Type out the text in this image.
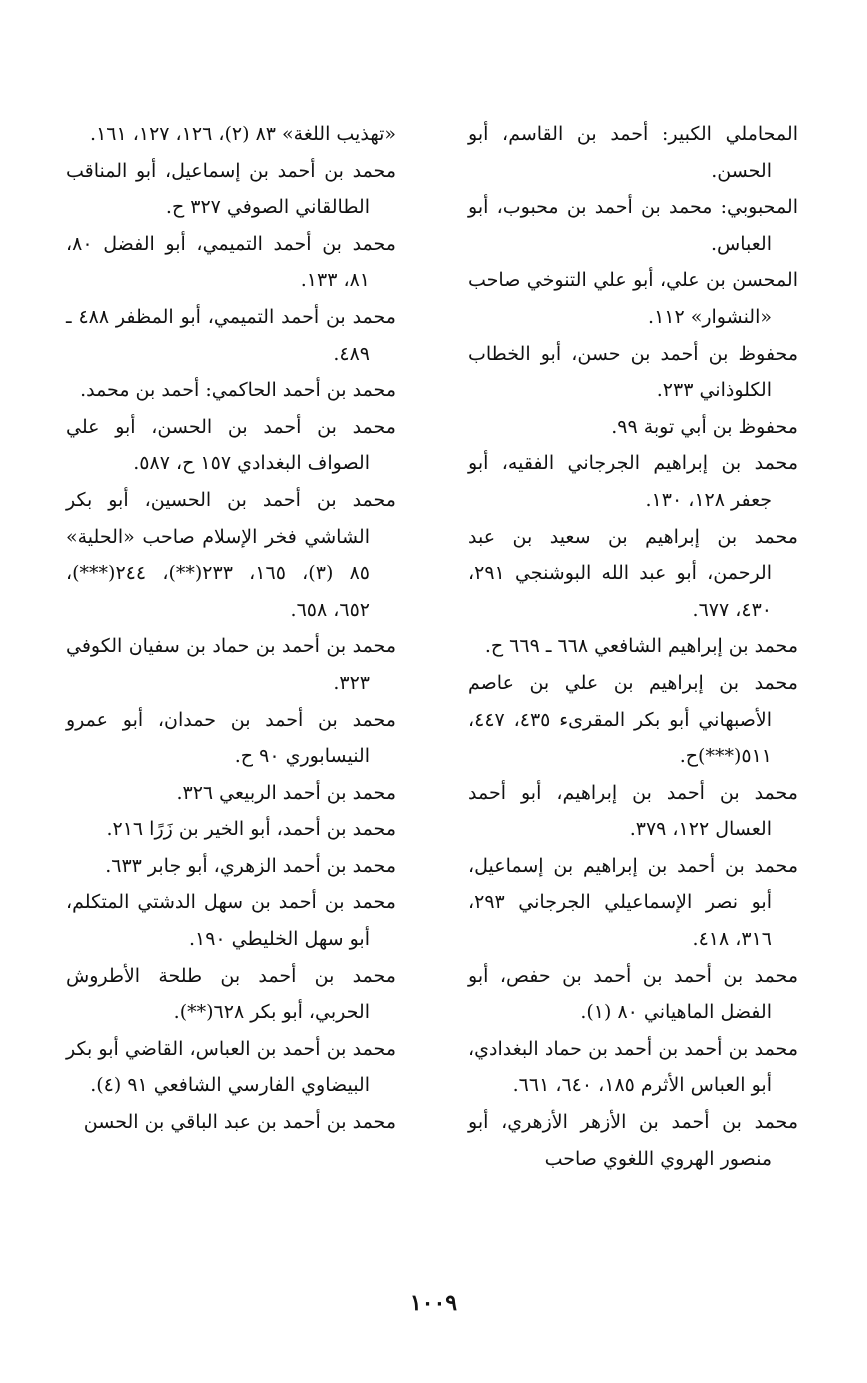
المحاملي الكبير: أحمد بن القاسم، أبو الحسن.

المحبوبي: محمد بن أحمد بن محبوب، أبو العباس.

المحسن بن علي، أبو علي التنوخي صاحب «النشوار» ١١٢.

محفوظ بن أحمد بن حسن، أبو الخطاب الكلوذاني ٢٣٣.

محفوظ بن أبي توبة ٩٩.

محمد بن إبراهيم الجرجاني الفقيه، أبو جعفر ١٢٨، ١٣٠.

محمد بن إبراهيم بن سعيد بن عبد الرحمن، أبو عبد الله البوشنجي ٢٩١، ٤٣٠، ٦٧٧.

محمد بن إبراهيم الشافعي ٦٦٨ ـ ٦٦٩ ح.

محمد بن إبراهيم بن علي بن عاصم الأصبهاني أبو بكر المقرىء ٤٣٥، ٤٤٧، ٥١١(***)ح.

محمد بن أحمد بن إبراهيم، أبو أحمد العسال ١٢٢، ٣٧٩.

محمد بن أحمد بن إبراهيم بن إسماعيل، أبو نصر الإسماعيلي الجرجاني ٢٩٣، ٣١٦، ٤١٨.

محمد بن أحمد بن أحمد بن حفص، أبو الفضل الماهياني ٨٠ (١).

محمد بن أحمد بن أحمد بن حماد البغدادي، أبو العباس الأثرم ١٨٥، ٦٤٠، ٦٦١.

محمد بن أحمد بن الأزهر الأزهري، أبو منصور الهروي اللغوي صاحب

«تهذيب اللغة» ٨٣ (٢)، ١٢٦، ١٢٧، ١٦١.

محمد بن أحمد بن إسماعيل، أبو المناقب الطالقاني الصوفي ٣٢٧ ح.

محمد بن أحمد التميمي، أبو الفضل ٨٠، ٨١، ١٣٣.

محمد بن أحمد التميمي، أبو المظفر ٤٨٨ ـ ٤٨٩.

محمد بن أحمد الحاكمي: أحمد بن محمد.

محمد بن أحمد بن الحسن، أبو علي الصواف البغدادي ١٥٧ ح، ٥٨٧.

محمد بن أحمد بن الحسين، أبو بكر الشاشي فخر الإسلام صاحب «الحلية» ٨٥ (٣)، ١٦٥، ٢٣٣(**)، ٢٤٤(***)، ٦٥٢، ٦٥٨.

محمد بن أحمد بن حماد بن سفيان الكوفي ٣٢٣.

محمد بن أحمد بن حمدان، أبو عمرو النيسابوري ٩٠ ح.

محمد بن أحمد الربيعي ٣٢٦.

محمد بن أحمد، أبو الخير بن زَرًا ٢١٦.

محمد بن أحمد الزهري، أبو جابر ٦٣٣.

محمد بن أحمد بن سهل الدشتي المتكلم، أبو سهل الخليطي ١٩٠.

محمد بن أحمد بن طلحة الأطروش الحربي، أبو بكر ٦٢٨(**).

محمد بن أحمد بن العباس، القاضي أبو بكر البيضاوي الفارسي الشافعي ٩١ (٤).

محمد بن أحمد بن عبد الباقي بن الحسن

١٠٠٩
